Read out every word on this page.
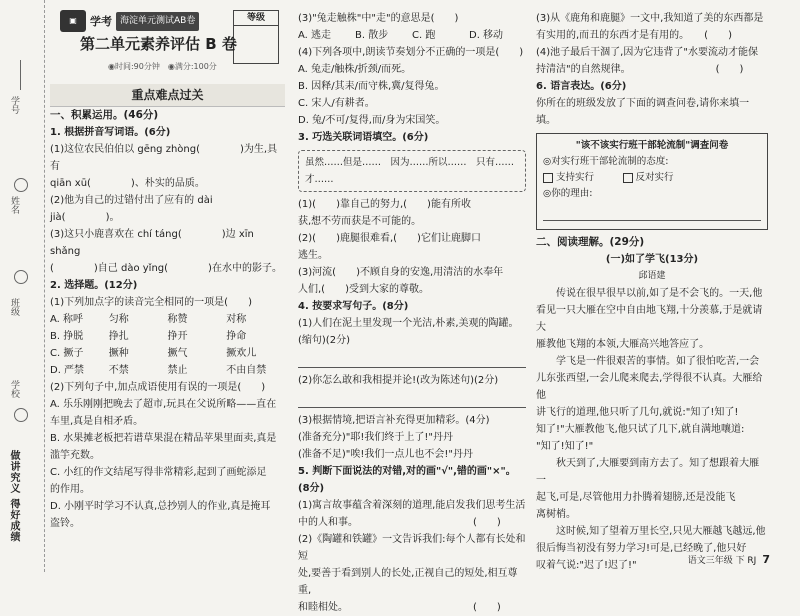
学号
姓名
班级
学校
做讲究义 得好成绩
▣	学考 海淀单元测试AB卷	等级
第二单元素养评估 B 卷
◉时间:90分钟　 ◉满分:100分
重点难点过关
一、积累运用。(46分)
1. 根据拼音写词语。(6分)
(1)这位农民伯伯以 gēng zhòng(　　　　)为生,具有
qiān xū(　　　　)、朴实的品质。
(2)他为自己的过错付出了应有的 dài jià(　　　　)。
(3)这只小鹿喜欢在 chí táng(　　　　)边 xīn shǎng
(　　　　)自己 dào yǐng(　　　　)在水中的影子。
2. 选择题。(12分)
(1)下列加点字的读音完全相同的一项是(　　)
A. 称呼	匀称	称赞	对称
B. 挣脱	挣扎	挣开	挣命
C. 撅子	撅种	撅气	撅欢儿
D. 严禁	不禁	禁止	不由自禁
(2)下列句子中,加点成语使用有误的一项是(　　)
A. 乐乐刚刚把晚去了超市,玩具在父说所略——直在
车里,真是自相矛盾。
B. 水果摊老板把若谱草果混在精品苹果里面卖,真是
滥竽充数。
C. 小红的作文结尾写得非常精彩,起到了画蛇添足
的作用。
D. 小刚平时学习不认真,总抄别人的作业,真是掩耳
盗铃。
(3)"兔走触株"中"走"的意思是(　　)
A. 逃走	B. 散步	C. 跑	D. 移动
(4)下列各项中,朗读节奏划分不正确的一项是(　　)
A. 兔走/触株/折颈/而死。
B. 因释/其耒/而守株,冀/复得兔。
C. 宋人/有耕者。
D. 兔/不可/复得,而/身为宋国笑。
3. 巧选关联词语填空。(6分)
虽然……但是……　因为……所以……　只有……才……
(1)(　　)靠自己的努力,(　　)能有所收
获,想不劳而获是不可能的。
(2)(　　)鹿腿很难看,(　　)它们让鹿脚口
逃生。
(3)河流(　　)不顾自身的安逸,用清洁的水奉年
人们,(　　)受到大家的尊敬。
4. 按要求写句子。(8分)
(1)人们在泥土里发现一个光洁,朴素,美观的陶罐。
(缩句)(2分)
(2)你怎么敢和我相提并论!(改为陈述句)(2分)
(3)根据情境,把语言补充得更加精彩。(4分)
(准备充分)"耶!我们终于上了!"丹丹
(准备不足)"唉!我们一点儿也不会!"丹丹
5. 判断下面说法的对错,对的画"√",错的画"×"。(8分)
(1)寓言故事蕴含着深刻的道理,能启发我们思考生活
中的人和事。　　　　　　　　　　　　(　　)
(2)《陶罐和铁罐》一文告诉我们:每个人都有长处和短
处,要善于看到别人的长处,正视自己的短处,相互尊重,
和睦相处。　　　　　　　　　　　　　(　　)
(3)从《鹿角和鹿腿》一文中,我知道了美的东西都是
有实用的,而丑的东西才是有用的。　　(　　)
(4)池子最后干涸了,因为它违背了"水要流动才能保
持清洁"的自然规律。　　　　　　　　　(　　)
6. 语言表达。(6分)
你所在的班级发放了下面的调查问卷,请你来填一填。
"该不该实行班干部轮流制"调查问卷
◎对实行班干部轮流制的态度:
支持实行　　　	反对实行
◎你的理由:
二、阅读理解。(29分)
(一)如了学飞(13分)
邱语建
传说在很早很早以前,如了是不会飞的。一天,他
看见一只大雁在空中自由地飞翔,十分羡慕,于是就请大
雁教他飞翔的本领,大雁高兴地答应了。
学飞是一件很艰苦的事情。如了很怕吃苦,一会
儿东张西望,一会儿爬来爬去,学得很不认真。大雁给他
讲飞行的道理,他只听了几句,就说:"知了!知了!
知了!"大雁教他飞,他只试了几下,就自满地嚷道:
"知了!知了!"
秋天到了,大雁要到南方去了。知了想跟着大雁一
起飞,可是,尽管他用力扑腾着翅膀,还是没能飞
离树梢。
这时候,知了望着万里长空,只见大雁越飞越远,他
很后悔当初没有努力学习!可是,已经晚了,他只好
叹着气说:"迟了!迟了!"	语文三年级 下 RJ 7
